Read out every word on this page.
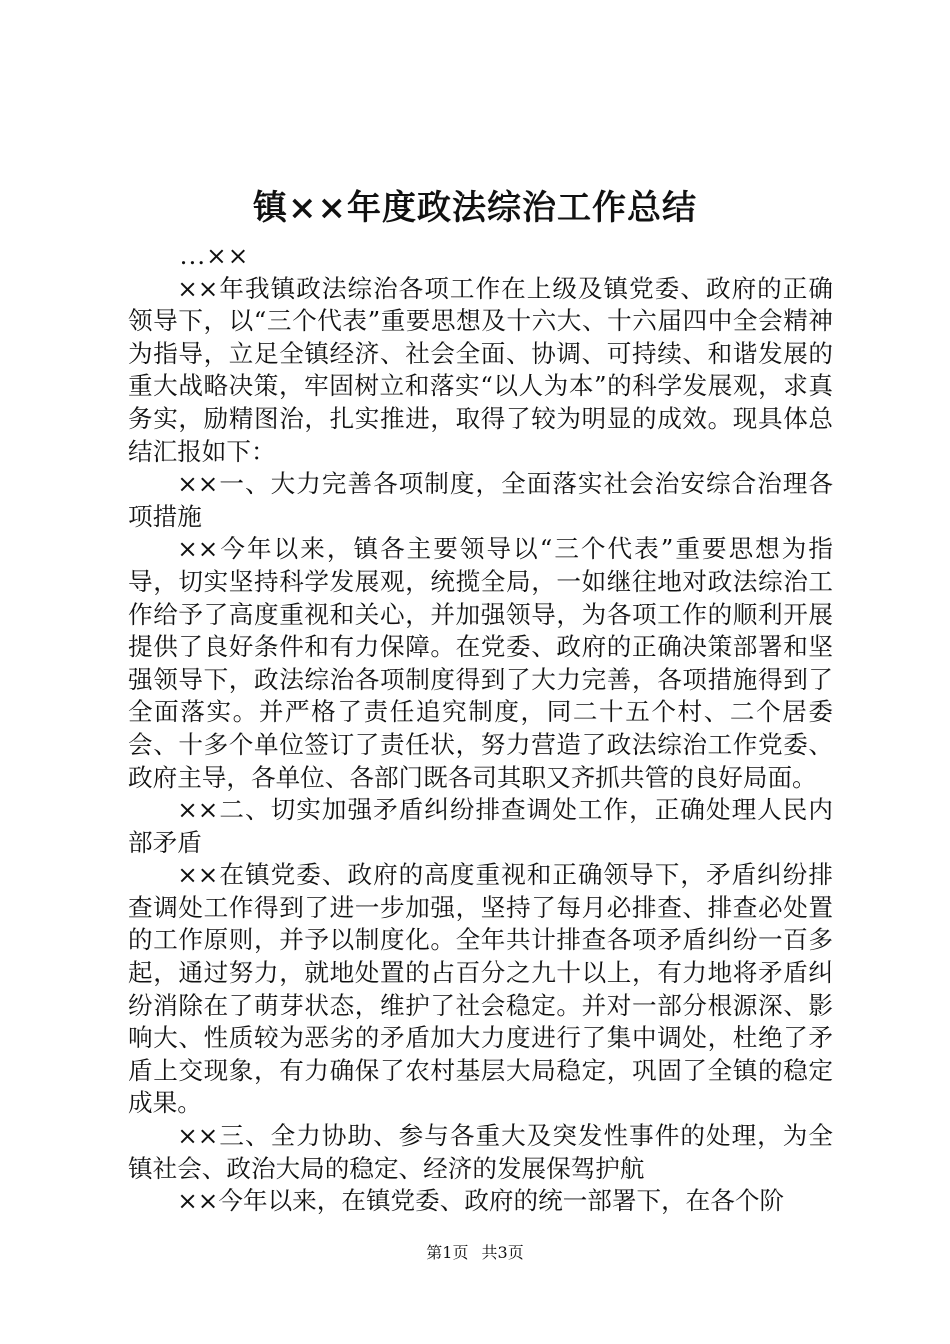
镇××年度政法综治工作总结

...××

××年我镇政法综治各项工作在上级及镇党委、政府的正确领导下，以“三个代表”重要思想及十六大、十六届四中全会精神为指导，立足全镇经济、社会全面、协调、可持续、和谐发展的重大战略决策，牢固树立和落实“以人为本”的科学发展观，求真务实，励精图治，扎实推进，取得了较为明显的成效。现具体总结汇报如下：

××一、大力完善各项制度，全面落实社会治安综合治理各项措施

××今年以来，镇各主要领导以“三个代表”重要思想为指导，切实坚持科学发展观，统揽全局，一如继往地对政法综治工作给予了高度重视和关心，并加强领导，为各项工作的顺利开展提供了良好条件和有力保障。在党委、政府的正确决策部署和坚强领导下，政法综治各项制度得到了大力完善，各项措施得到了全面落实。并严格了责任追究制度，同二十五个村、二个居委会、十多个单位签订了责任状，努力营造了政法综治工作党委、政府主导，各单位、各部门既各司其职又齐抓共管的良好局面。

××二、切实加强矛盾纠纷排查调处工作，正确处理人民内部矛盾

××在镇党委、政府的高度重视和正确领导下，矛盾纠纷排查调处工作得到了进一步加强，坚持了每月必排查、排查必处置的工作原则，并予以制度化。全年共计排查各项矛盾纠纷一百多起，通过努力，就地处置的占百分之九十以上，有力地将矛盾纠纷消除在了萌芽状态，维护了社会稳定。并对一部分根源深、影响大、性质较为恶劣的矛盾加大力度进行了集中调处，杜绝了矛盾上交现象，有力确保了农村基层大局稳定，巩固了全镇的稳定成果。

××三、全力协助、参与各重大及突发性事件的处理，为全镇社会、政治大局的稳定、经济的发展保驾护航

××今年以来，在镇党委、政府的统一部署下，在各个阶

第1页 共3页
